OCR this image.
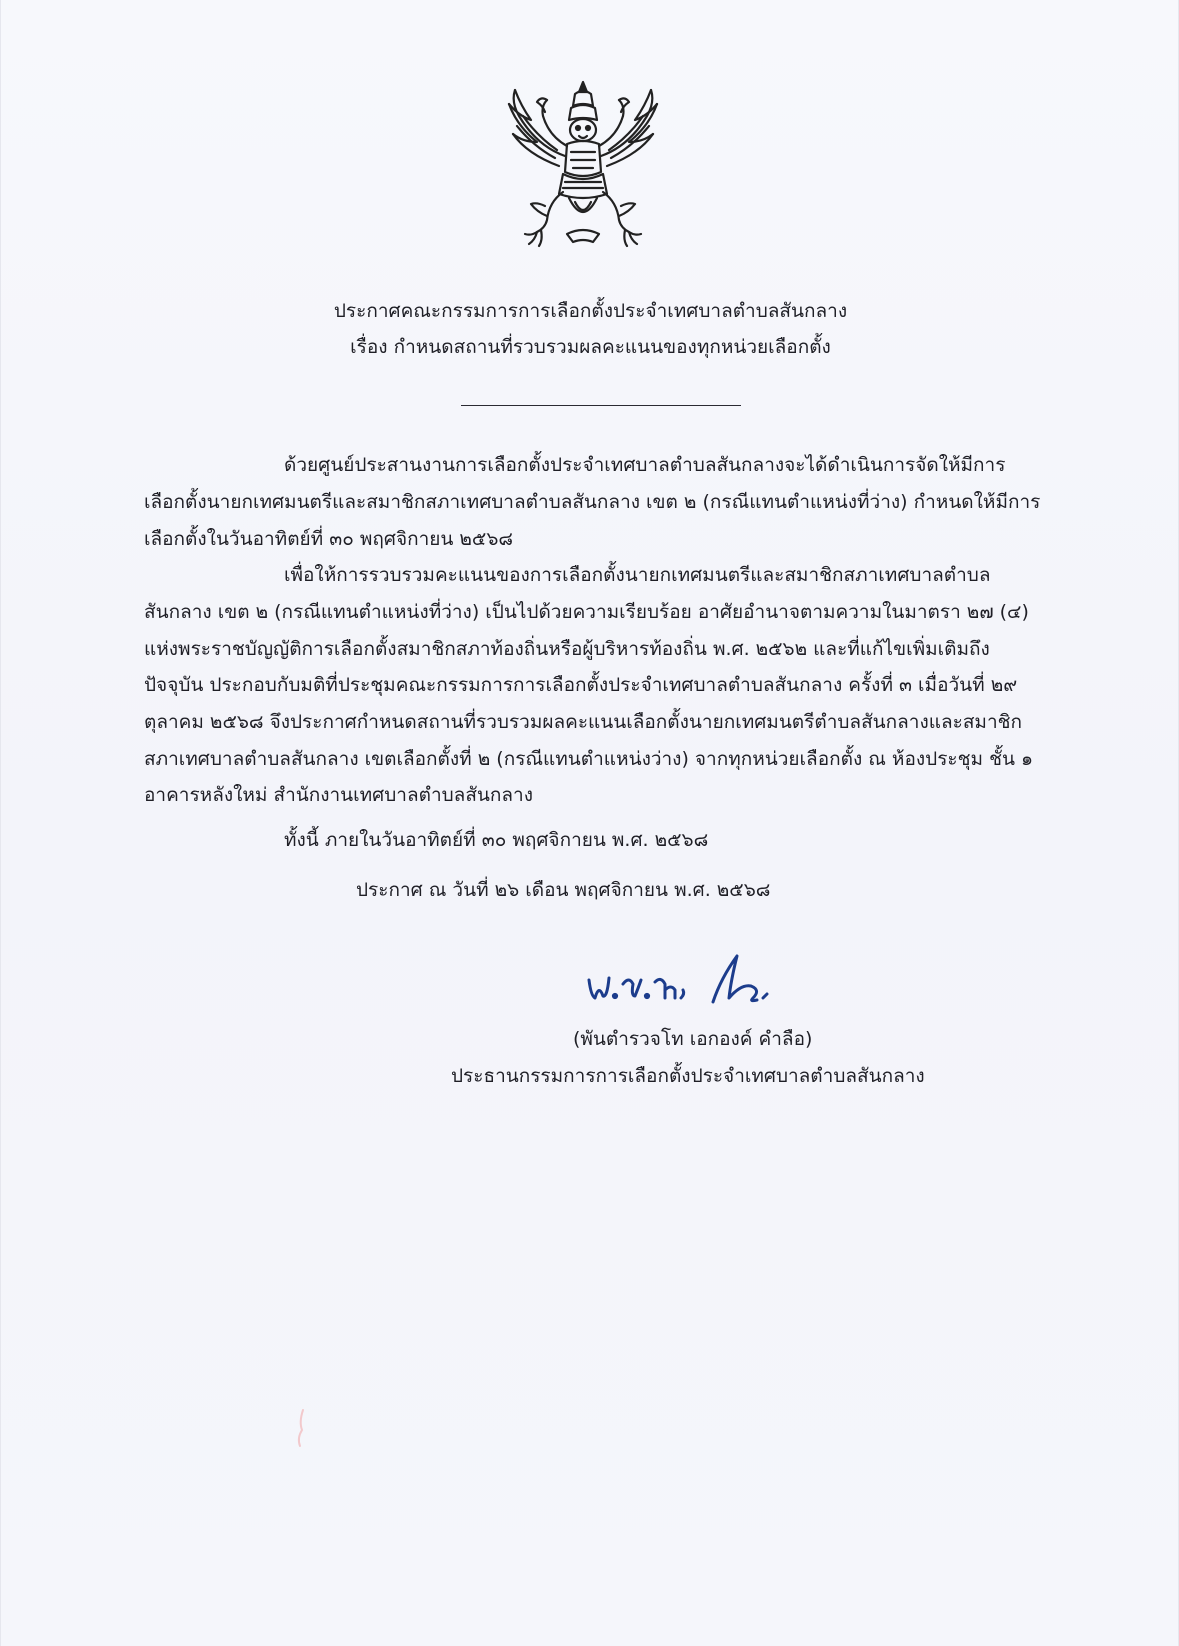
ประกาศคณะกรรมการการเลือกตั้งประจำเทศบาลตำบลสันกลาง
เรื่อง กำหนดสถานที่รวบรวมผลคะแนนของทุกหน่วยเลือกตั้ง
ด้วยศูนย์ประสานงานการเลือกตั้งประจำเทศบาลตำบลสันกลางจะได้ดำเนินการจัดให้มีการ
เลือกตั้งนายกเทศมนตรีและสมาชิกสภาเทศบาลตำบลสันกลาง เขต ๒ (กรณีแทนตำแหน่งที่ว่าง) กำหนดให้มีการ
เลือกตั้งในวันอาทิตย์ที่ ๓๐ พฤศจิกายน ๒๕๖๘
เพื่อให้การรวบรวมคะแนนของการเลือกตั้งนายกเทศมนตรีและสมาชิกสภาเทศบาลตำบล
สันกลาง เขต ๒ (กรณีแทนตำแหน่งที่ว่าง) เป็นไปด้วยความเรียบร้อย อาศัยอำนาจตามความในมาตรา ๒๗ (๔)
แห่งพระราชบัญญัติการเลือกตั้งสมาชิกสภาท้องถิ่นหรือผู้บริหารท้องถิ่น พ.ศ. ๒๕๖๒ และที่แก้ไขเพิ่มเติมถึง
ปัจจุบัน ประกอบกับมติที่ประชุมคณะกรรมการการเลือกตั้งประจำเทศบาลตำบลสันกลาง ครั้งที่ ๓ เมื่อวันที่ ๒๙
ตุลาคม ๒๕๖๘ จึงประกาศกำหนดสถานที่รวบรวมผลคะแนนเลือกตั้งนายกเทศมนตรีตำบลสันกลางและสมาชิก
สภาเทศบาลตำบลสันกลาง เขตเลือกตั้งที่ ๒ (กรณีแทนตำแหน่งว่าง) จากทุกหน่วยเลือกตั้ง ณ ห้องประชุม ชั้น ๑
อาคารหลังใหม่ สำนักงานเทศบาลตำบลสันกลาง
ทั้งนี้ ภายในวันอาทิตย์ที่ ๓๐ พฤศจิกายน พ.ศ. ๒๕๖๘
ประกาศ ณ วันที่ ๒๖ เดือน พฤศจิกายน พ.ศ. ๒๕๖๘
(พันตำรวจโท เอกองค์ คำลือ)
ประธานกรรมการการเลือกตั้งประจำเทศบาลตำบลสันกลาง
